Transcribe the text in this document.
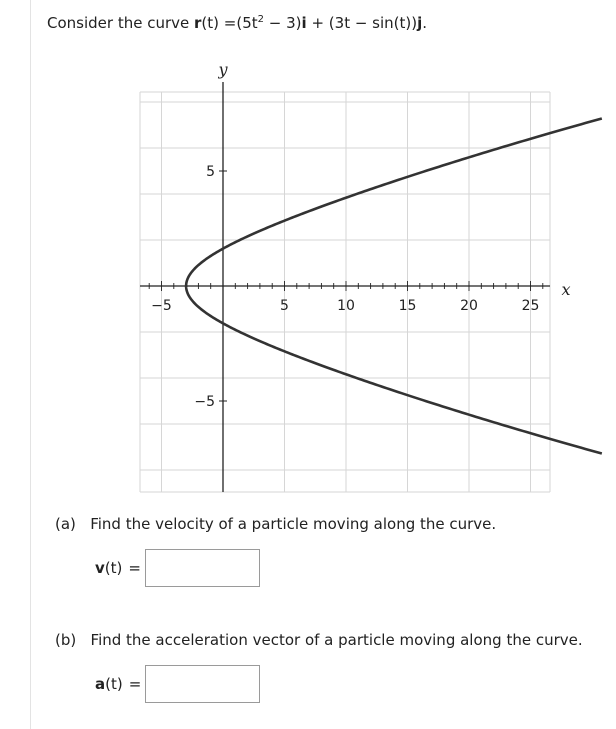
Consider the curve $r(t) =(5t^2 - 3)i + (3t - \sin(t))j$.
−5	5	10	15	20	25
−5
5
x
y
(a) Find the velocity of a particle moving along the curve.
v(t) =
(b) Find the acceleration vector of a particle moving along the curve.
a(t) =
